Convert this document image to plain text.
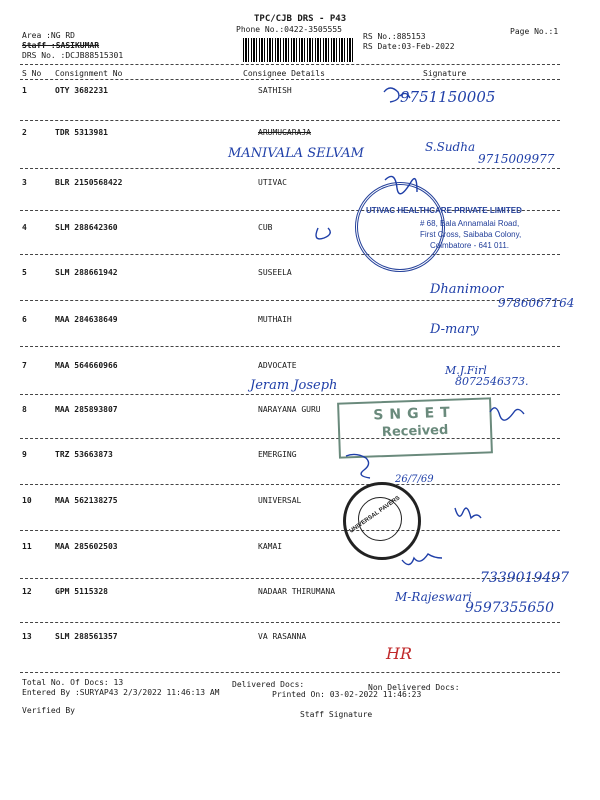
TPC/CJB DRS - P43
Phone No.:0422-3505555
Area :NG RD
Staff :SASIKUMAR
DRS No. :DCJB88515301
RS No.:885153
RS Date:03-Feb-2022
Page No.:1
S No Consignment No	Consignee Details	Signature
1	OTY 3682231	SATHISH
2	TDR 5313981	ARUMUGARAJA
3	BLR 2150568422	UTIVAC
4	SLM 288642360	CUB
5	SLM 288661942	SUSEELA
6	MAA 284638649	MUTHAIH
7	MAA 564660966	ADVOCATE
8	MAA 285893807	NARAYANA GURU
9	TRZ 53663873	EMERGING
10	MAA 562138275	UNIVERSAL
11	MAA 285602503	KAMAI
12	GPM 5115328	NADAAR THIRUMANA
13	SLM 288561357	VA RASANNA
UTIVAC HEALTHCARE PRIVATE LIMITED
# 68, Bala Annamalai Road,
First Cross, Saibaba Colony,
Coimbatore - 641 011.
SNGET
Received
UNIVERSAL PAVERS
9751150005
MANIVALA SELVAM	S.Sudha
9715009977
Dhanimoor
9786067164
D-mary
M.J.Firl
8072546373.
Jeram Joseph
26/7/69
7339019497
M-Rajeswari
9597355650
HR
Total No. Of Docs: 13	Delivered Docs:	Non Delivered Docs:
Entered By :SURYAP43 2/3/2022 11:46:13 AM	Printed On: 03-02-2022 11:46:23
Verified By	Staff Signature
